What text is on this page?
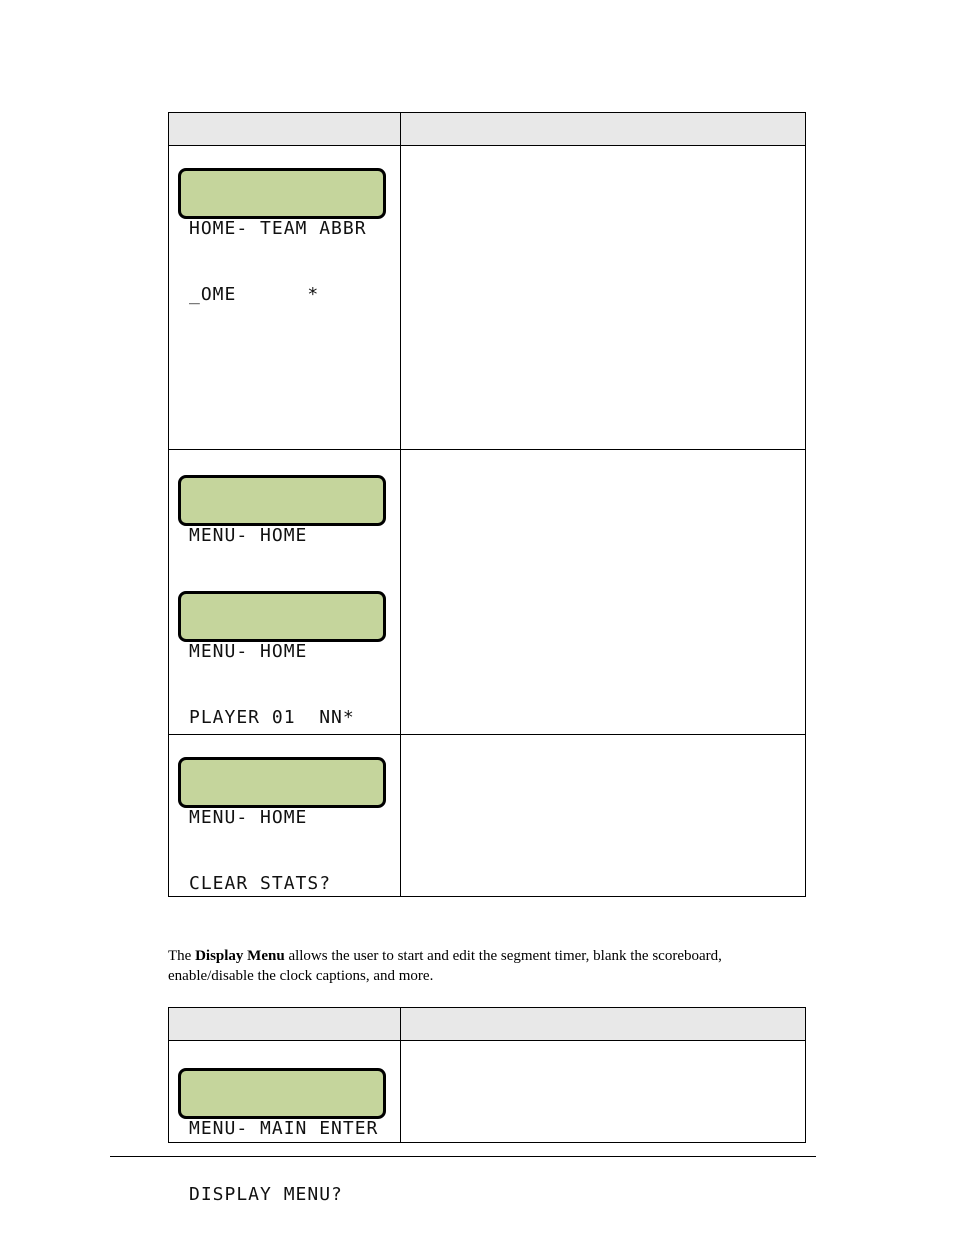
HOME- TEAM ABBR

_OME      *

MENU- HOME

MENU- HOME

PLAYER 01  NN*

MENU- HOME

CLEAR STATS?

The Display Menu allows the user to start and edit the segment timer, blank the scoreboard, enable/disable the clock captions, and more.

MENU- MAIN ENTER

DISPLAY MENU?
